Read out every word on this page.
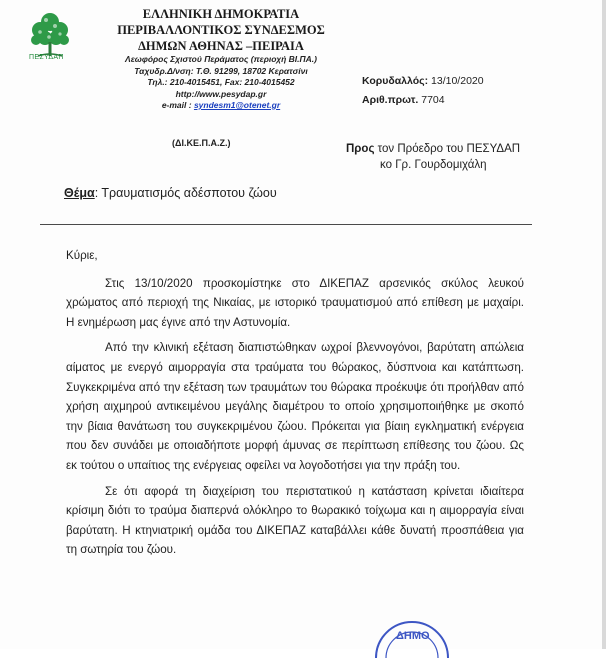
ΠΕΣΥΔΑΠ
ΕΛΛΗΝΙΚΗ ΔΗΜΟΚΡΑΤΙΑ
ΠΕΡΙΒΑΛΛΟΝΤΙΚΟΣ ΣΥΝΔΕΣΜΟΣ
ΔΗΜΩΝ ΑΘΗΝΑΣ –ΠΕΙΡΑΙΑ
Λεωφόρος Σχιστού Περάματος (περιοχή ΒΙ.ΠΑ.)
Ταχυδρ.Δ/νση: Τ.Θ. 91299, 18702 Κερατσίνι
Τηλ.: 210-4015451, Fax: 210-4015452
http://www.pesydap.gr
e-mail : syndesm1@otenet.gr
Κορυδαλλός: 13/10/2020
Αριθ.πρωτ. 7704
(ΔΙ.ΚΕ.Π.Α.Ζ.)	Προς τον Πρόεδρο του ΠΕΣΥΔΑΠ
κο Γρ. Γουρδομιχάλη
Θέμα: Τραυματισμός αδέσποτου ζώου

Κύριε,

Στις 13/10/2020 προσκομίστηκε στο ΔΙΚΕΠΑΖ αρσενικός σκύλος λευκού χρώματος από περιοχή της Νικαίας, με ιστορικό τραυματισμού από επίθεση με μαχαίρι. Η ενημέρωση μας έγινε από την Αστυνομία.

Από την κλινική εξέταση διαπιστώθηκαν ωχροί βλεννογόνοι, βαρύτατη απώλεια αίματος με ενεργό αιμορραγία στα τραύματα του θώρακος, δύσπνοια και κατάπτωση. Συγκεκριμένα από την εξέταση των τραυμάτων του θώρακα προέκυψε ότι προήλθαν από χρήση αιχμηρού αντικειμένου μεγάλης διαμέτρου το οποίο χρησιμοποιήθηκε με σκοπό την βίαια θανάτωση του συγκεκριμένου ζώου. Πρόκειται για βίαιη εγκληματική ενέργεια που δεν συνάδει με οποιαδήποτε μορφή άμυνας σε περίπτωση επίθεσης του ζώου. Ως εκ τούτου ο υπαίτιος της ενέργειας οφείλει να λογοδοτήσει για την πράξη του.

Σε ότι αφορά τη διαχείριση του περιστατικού η κατάσταση κρίνεται ιδιαίτερα κρίσιμη διότι το τραύμα διαπερνά ολόκληρο το θωρακικό τοίχωμα και η αιμορραγία είναι βαρύτατη. Η κτηνιατρική ομάδα του ΔΙΚΕΠΑΖ καταβάλλει κάθε δυνατή προσπάθεια για τη σωτηρία του ζώου.

ΔΗΜΟ
